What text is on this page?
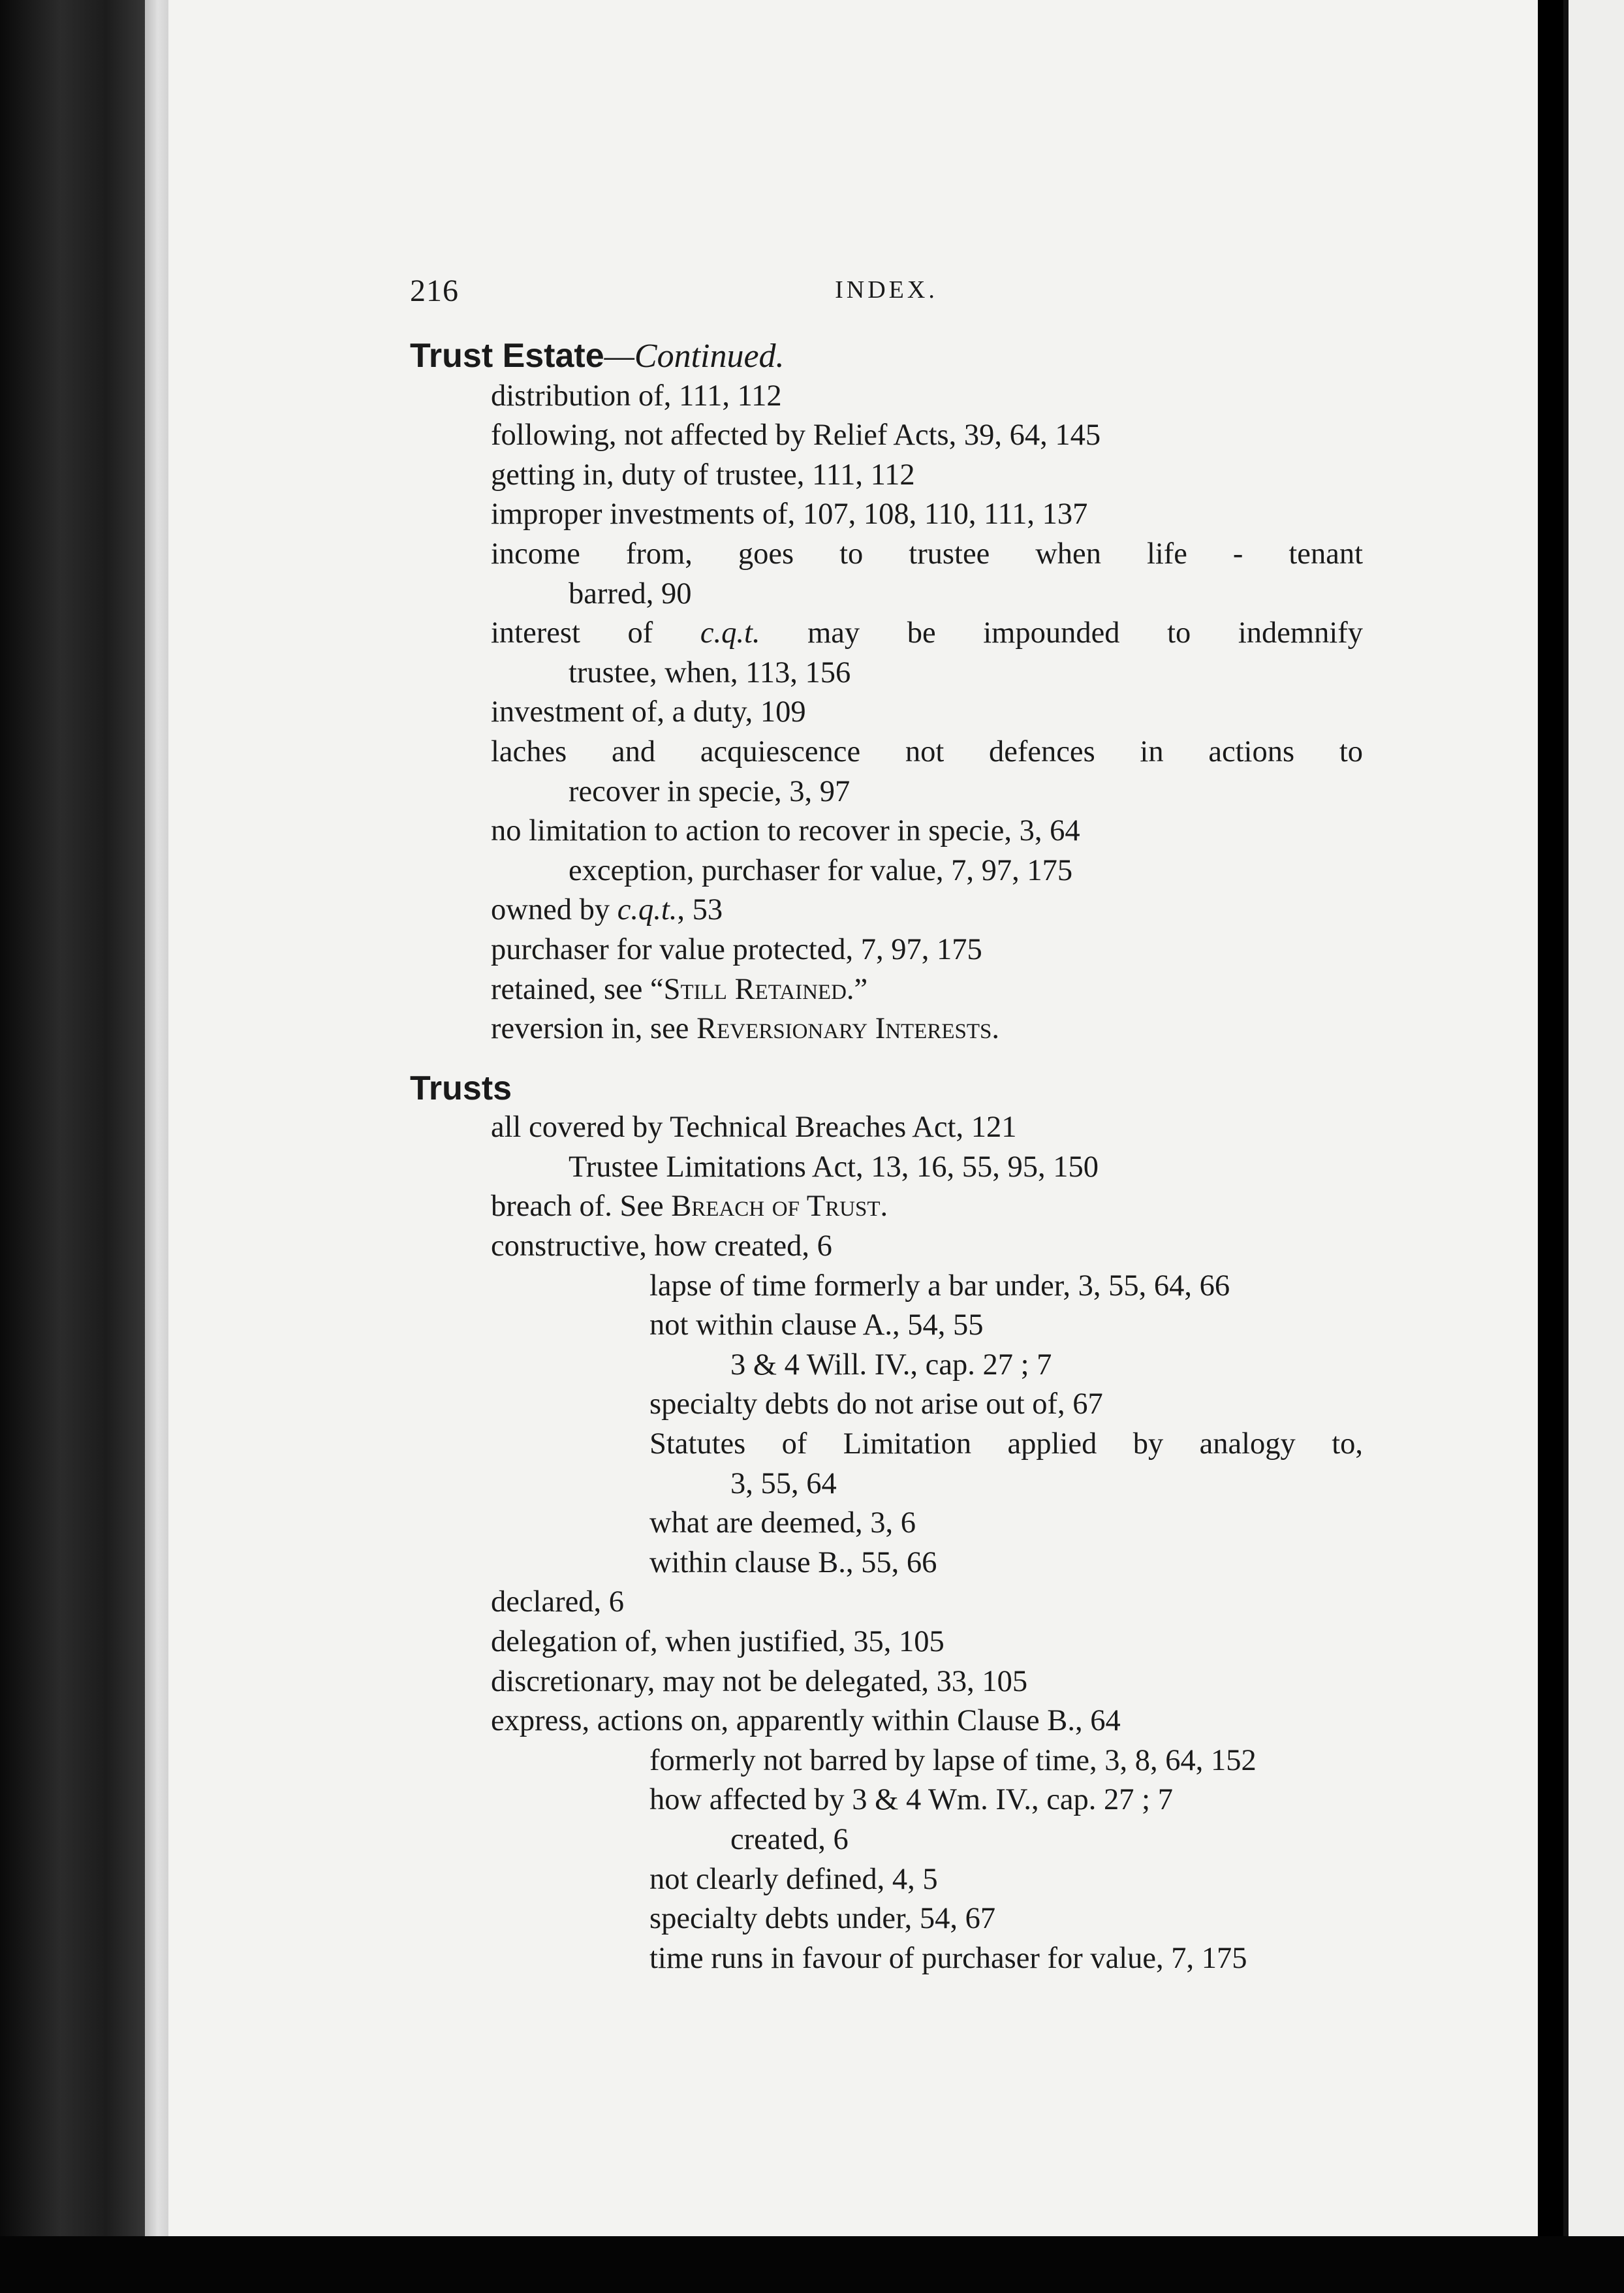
216	INDEX.

Trust Estate—Continued.

distribution of, 111, 112

following, not affected by Relief Acts, 39, 64, 145

getting in, duty of trustee, 111, 112

improper investments of, 107, 108, 110, 111, 137

income from, goes to trustee when life - tenant

barred, 90

interest of c.q.t. may be impounded to indemnify

trustee, when, 113, 156

investment of, a duty, 109

laches and acquiescence not defences in actions to

recover in specie, 3, 97

no limitation to action to recover in specie, 3, 64

exception, purchaser for value, 7, 97, 175

owned by c.q.t., 53

purchaser for value protected, 7, 97, 175

retained, see “Still Retained.”

reversion in, see Reversionary Interests.

Trusts

all covered by Technical Breaches Act, 121

Trustee Limitations Act, 13, 16, 55, 95, 150

breach of. See Breach of Trust.

constructive, how created, 6

lapse of time formerly a bar under, 3, 55, 64, 66

not within clause A., 54, 55

3 & 4 Will. IV., cap. 27 ; 7

specialty debts do not arise out of, 67

Statutes of Limitation applied by analogy to,

3, 55, 64

what are deemed, 3, 6

within clause B., 55, 66

declared, 6

delegation of, when justified, 35, 105

discretionary, may not be delegated, 33, 105

express, actions on, apparently within Clause B., 64

formerly not barred by lapse of time, 3, 8, 64, 152

how affected by 3 & 4 Wm. IV., cap. 27 ; 7

created, 6

not clearly defined, 4, 5

specialty debts under, 54, 67

time runs in favour of purchaser for value, 7, 175
